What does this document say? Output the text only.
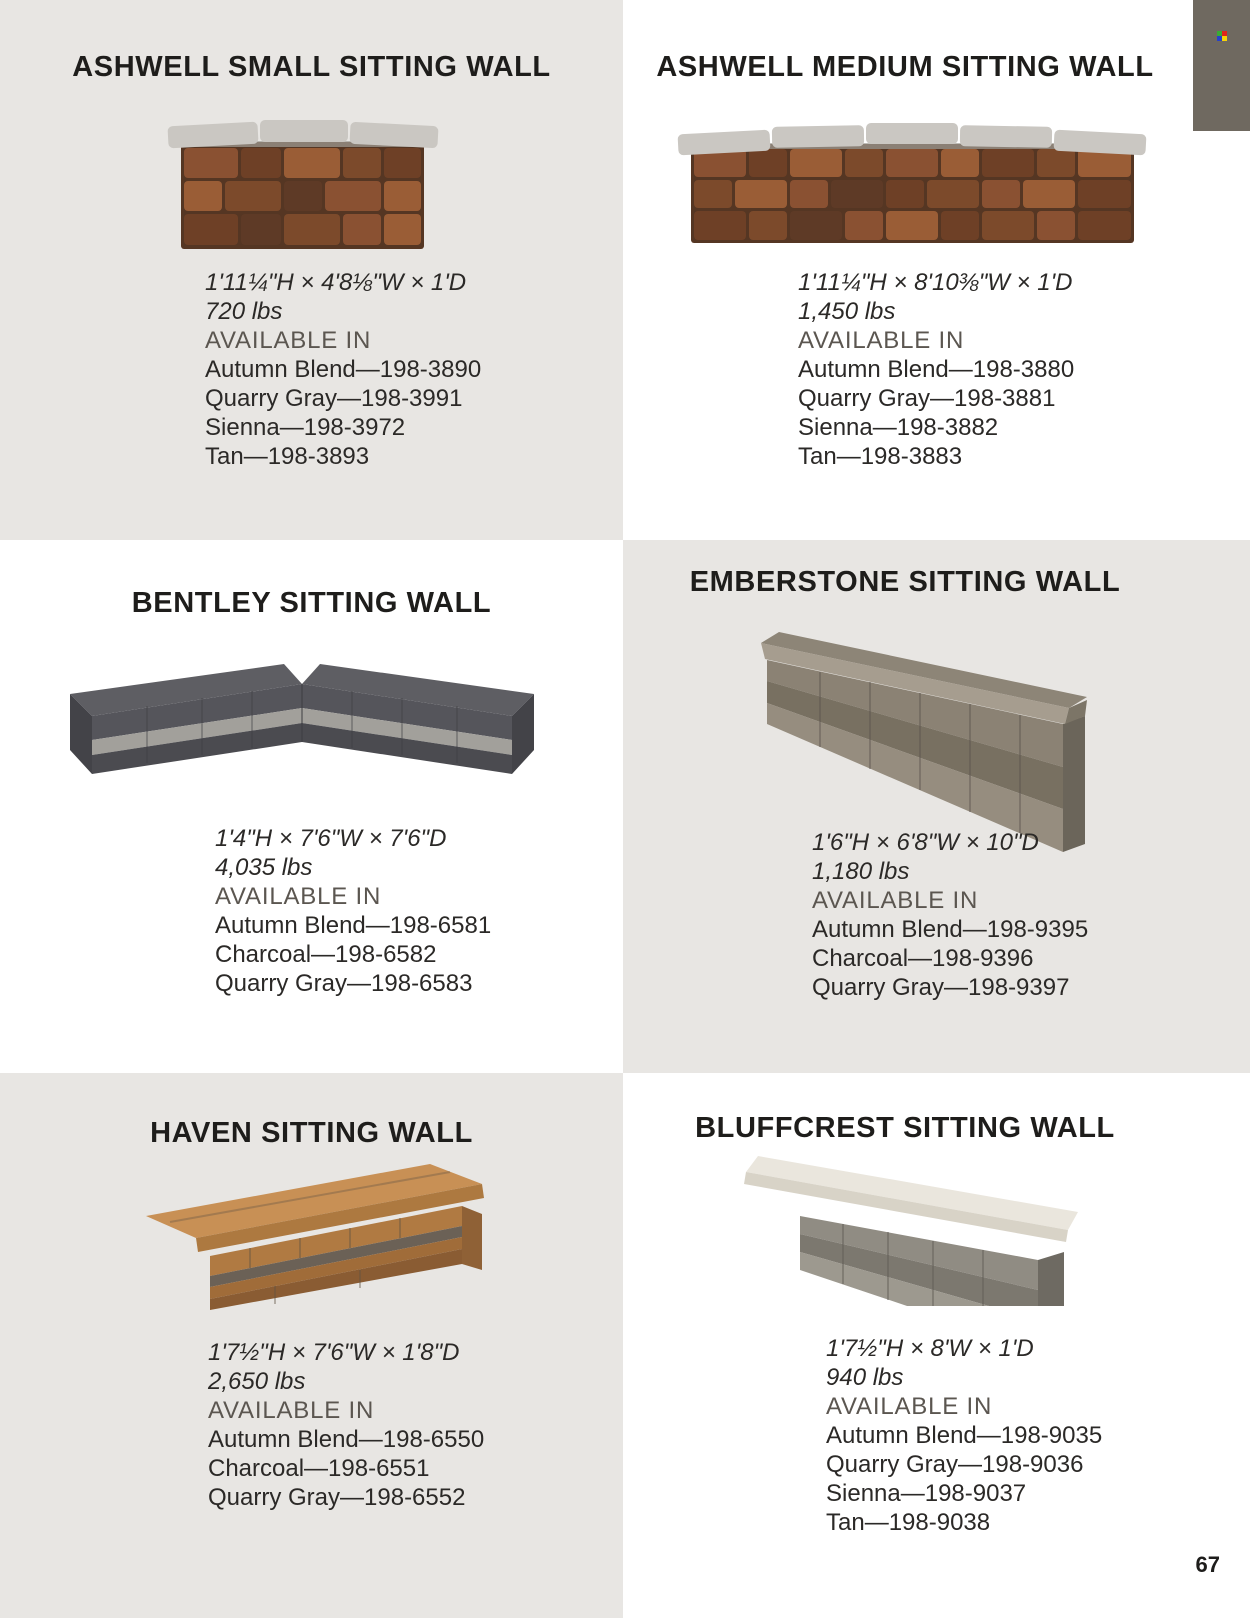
ASHWELL SMALL SITTING WALL

1'11¼"H × 4'8⅛"W × 1'D

720 lbs

AVAILABLE IN

Autumn Blend—198-3890

Quarry Gray—198-3991

Sienna—198-3972

Tan—198-3893

ASHWELL MEDIUM SITTING WALL

1'11¼"H × 8'10⅜"W × 1'D

1,450 lbs

AVAILABLE IN

Autumn Blend—198-3880

Quarry Gray—198-3881

Sienna—198-3882

Tan—198-3883

BENTLEY SITTING WALL

1'4"H × 7'6"W × 7'6"D

4,035 lbs

AVAILABLE IN

Autumn Blend—198-6581

Charcoal—198-6582

Quarry Gray—198-6583

EMBERSTONE SITTING WALL

1'6"H × 6'8"W × 10"D

1,180 lbs

AVAILABLE IN

Autumn Blend—198-9395

Charcoal—198-9396

Quarry Gray—198-9397

HAVEN SITTING WALL

1'7½"H × 7'6"W × 1'8"D

2,650 lbs

AVAILABLE IN

Autumn Blend—198-6550

Charcoal—198-6551

Quarry Gray—198-6552

BLUFFCREST SITTING WALL

1'7½"H × 8'W × 1'D

940 lbs

AVAILABLE IN

Autumn Blend—198-9035

Quarry Gray—198-9036

Sienna—198-9037

Tan—198-9038

67
